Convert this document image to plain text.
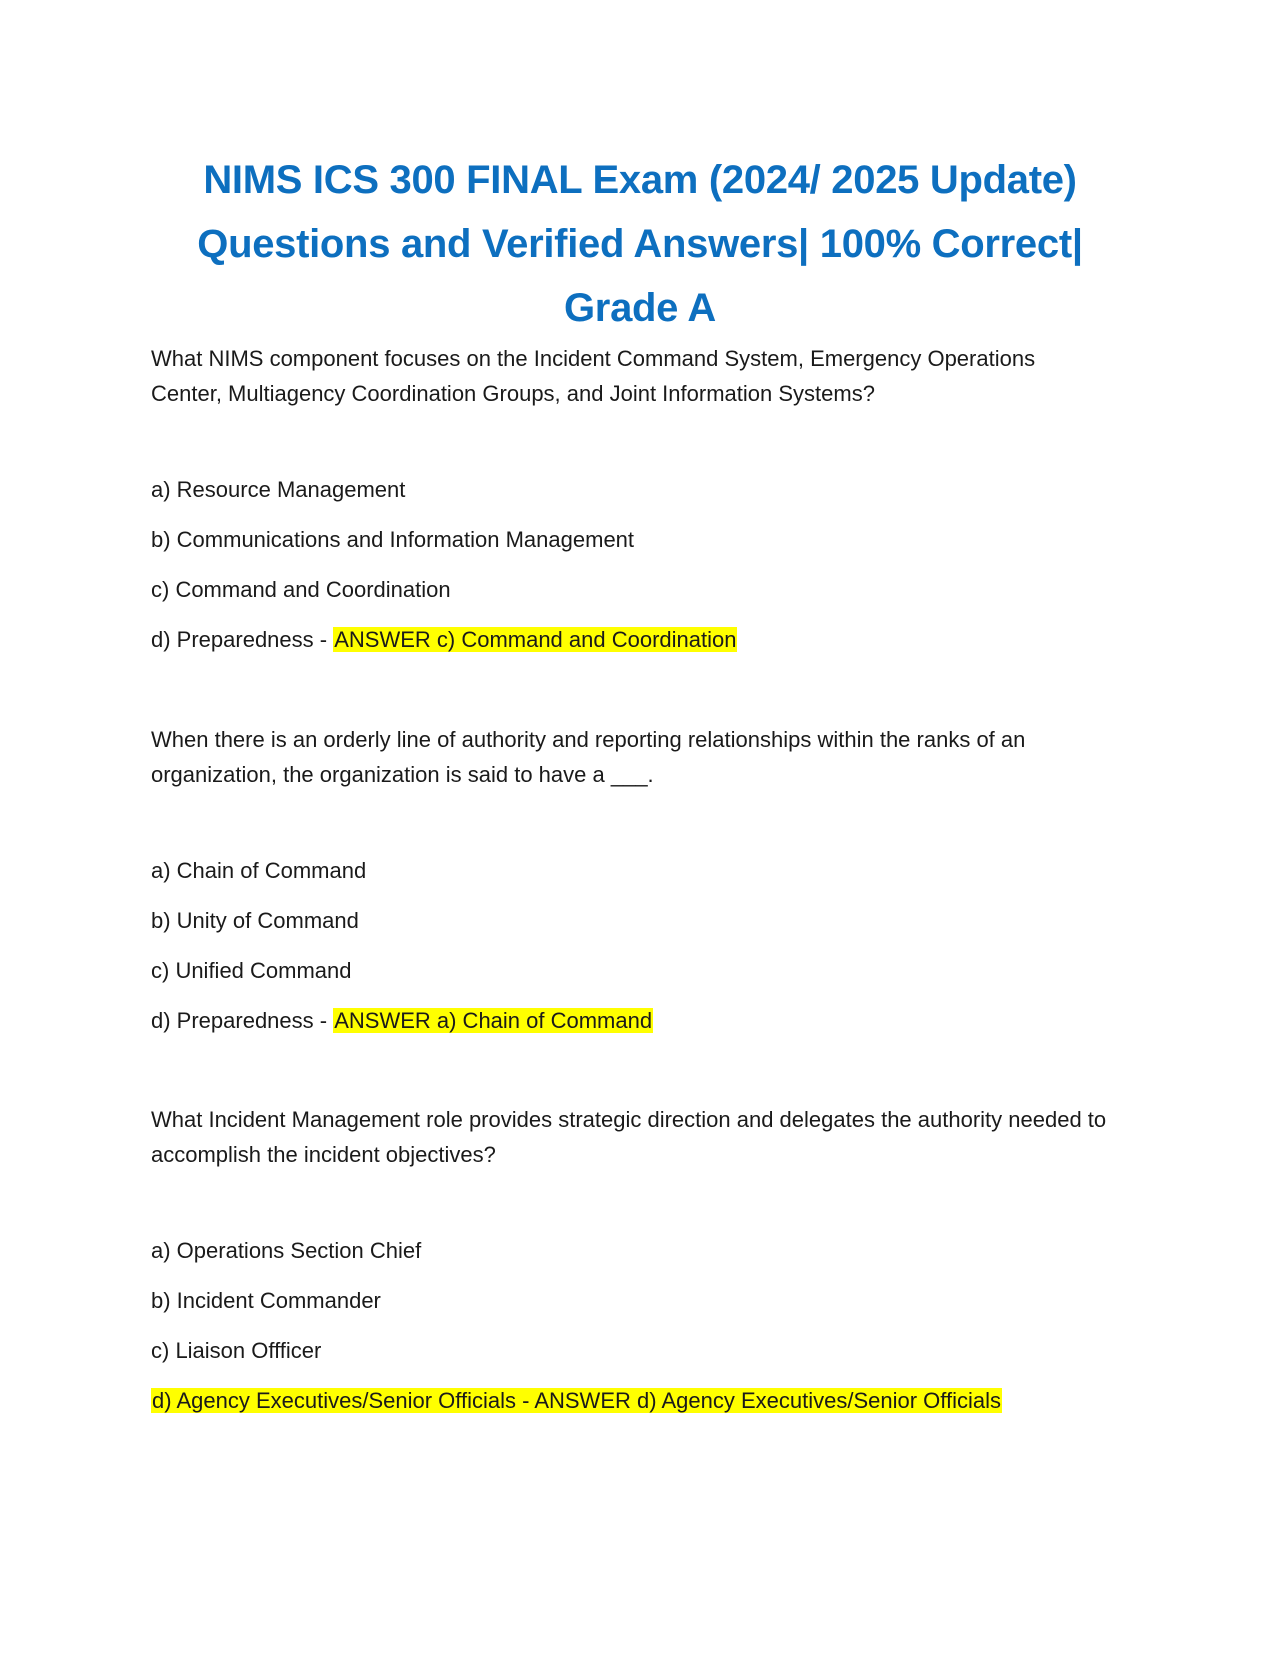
NIMS ICS 300 FINAL Exam (2024/ 2025 Update)
Questions and Verified Answers| 100% Correct|
Grade A
What NIMS component focuses on the Incident Command System, Emergency Operations Center, Multiagency Coordination Groups, and Joint Information Systems?
a) Resource Management
b) Communications and Information Management
c) Command and Coordination
d) Preparedness - ANSWER c) Command and Coordination
When there is an orderly line of authority and reporting relationships within the ranks of an organization, the organization is said to have a ___.
a) Chain of Command
b) Unity of Command
c) Unified Command
d) Preparedness - ANSWER a) Chain of Command
What Incident Management role provides strategic direction and delegates the authority needed to accomplish the incident objectives?
a) Operations Section Chief
b) Incident Commander
c) Liaison Offficer
d) Agency Executives/Senior Officials - ANSWER d) Agency Executives/Senior Officials
